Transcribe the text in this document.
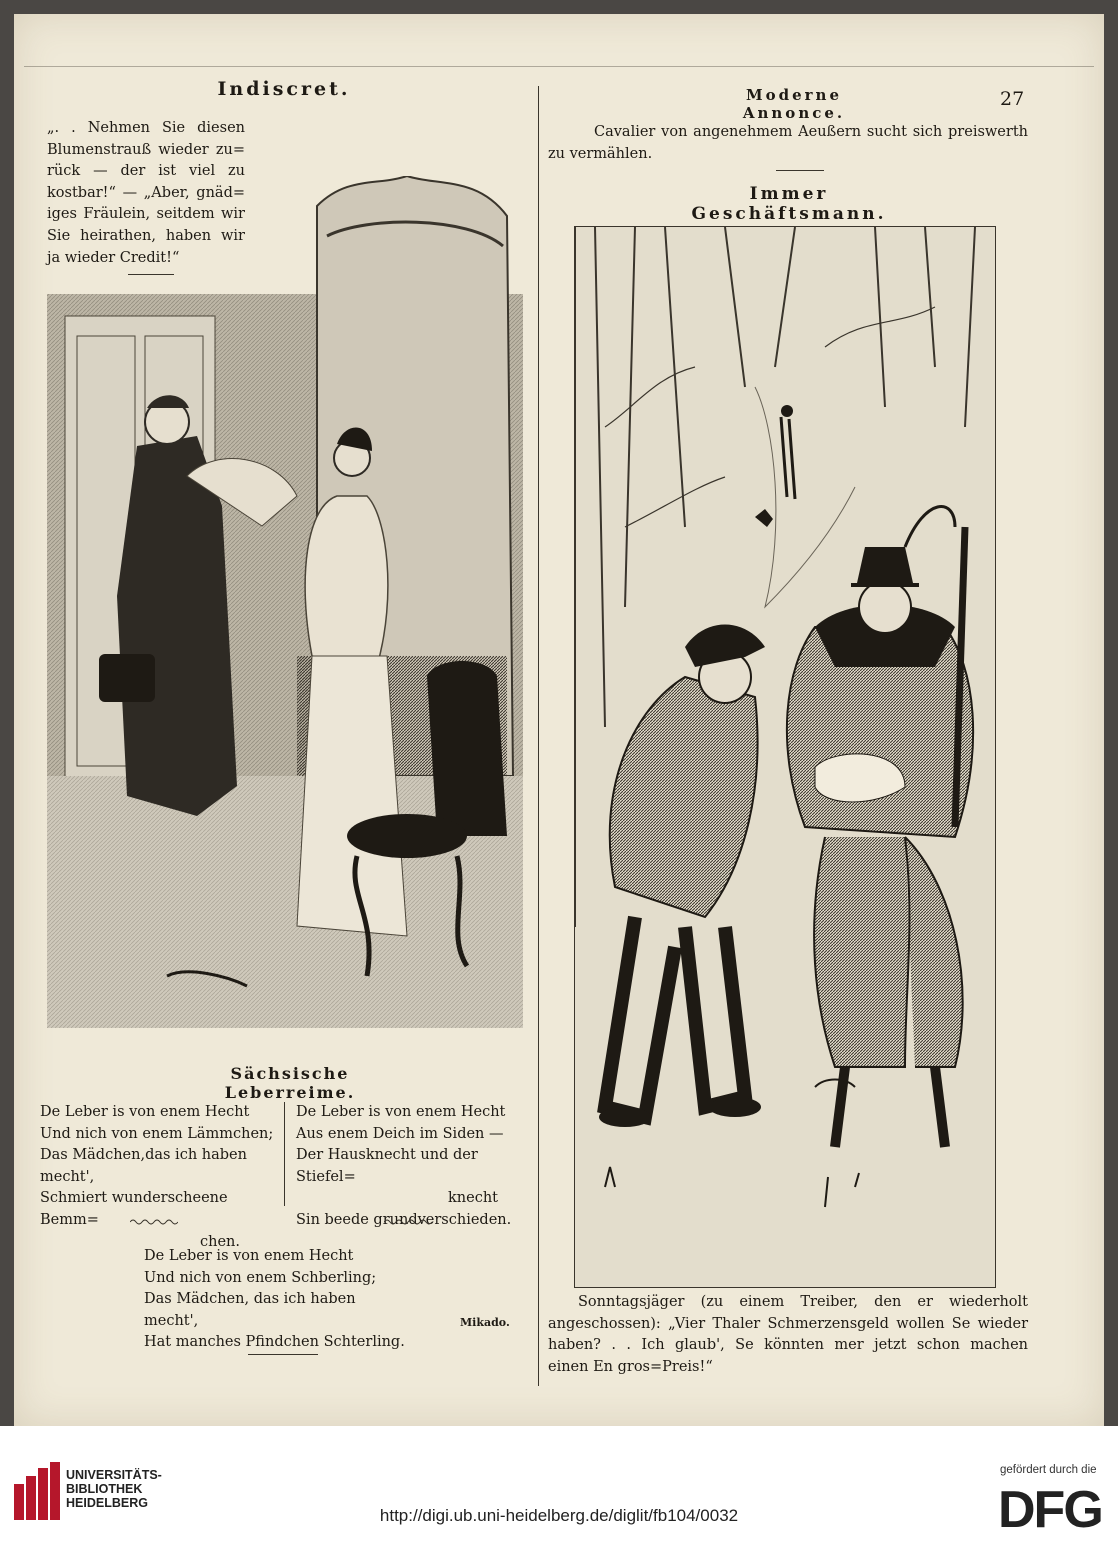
Indiscret.
„. . Nehmen Sie diesen
Blumenstrauß wieder zu=
rück — der ist viel zu
kostbar!“ — „Aber, gnäd=
iges Fräulein, seitdem wir
Sie heirathen, haben wir
ja wieder Credit!“
Sächsische Leberreime.
De Leber is von enem Hecht
Und nich von enem Lämmchen;
Das Mädchen,das ich haben mecht',
Schmiert wunderscheene Bemm=
chen.
De Leber is von enem Hecht
Aus enem Deich im Siden —
Der Hausknecht und der Stiefel=
knecht
Sin beede grundverschieden.
De Leber is von enem Hecht
Und nich von enem Schberling;
Das Mädchen, das ich haben mecht',
Hat manches Pfindchen Schterling.
Mikado.
Moderne Annonce.
27
Cavalier von angenehmem Aeußern sucht sich preiswerth
zu vermählen.
Immer Geschäftsmann.
Sonntagsjäger (zu einem Treiber, den er wiederholt
angeschossen): „Vier Thaler Schmerzensgeld wollen Se wieder
haben? . . Ich glaub', Se könnten mer jetzt schon machen
einen En gros=Preis!“
UNIVERSITÄTS-
BIBLIOTHEK
HEIDELBERG
http://digi.ub.uni-heidelberg.de/diglit/fb104/0032
gefördert durch die
DFG
